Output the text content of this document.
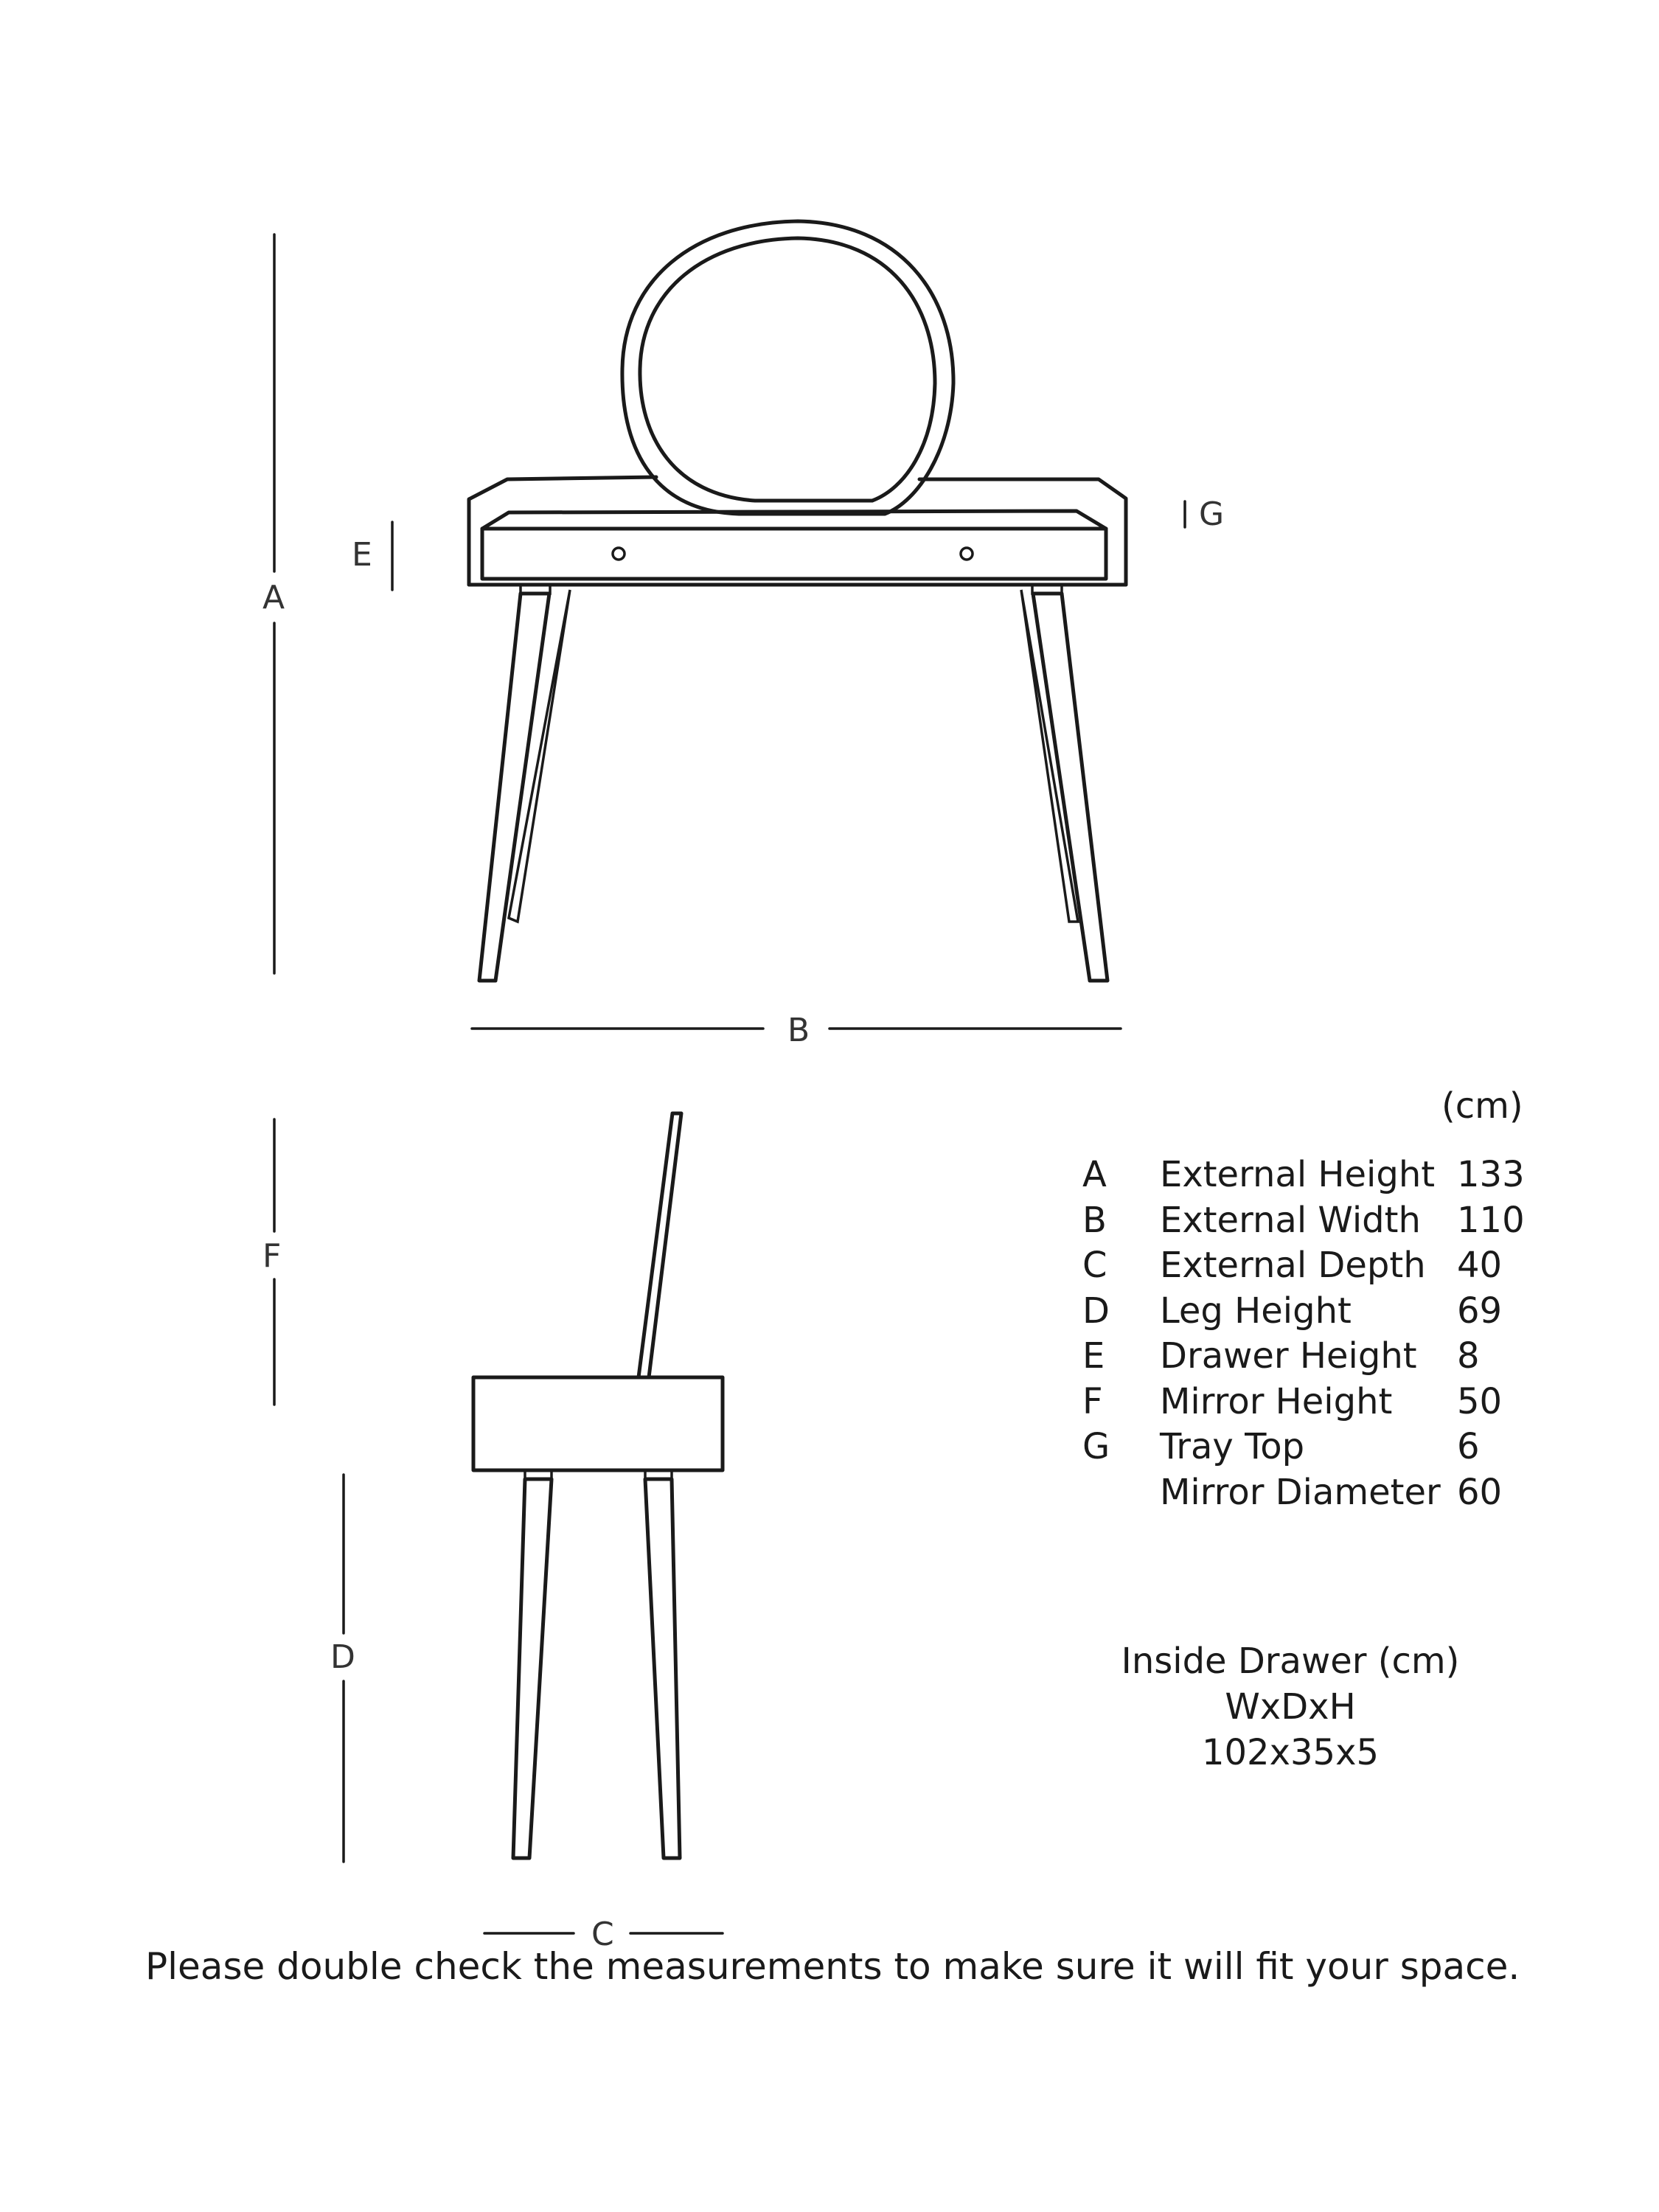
A
E
G
B
F
D
C
(cm)
A	External Height 133
B	External Width 110
C	External Depth 40
D Leg Height	69
E	Drawer Height 8
F	Mirror Height 50
G Tray Top	6
Mirror Diameter 60
Inside Drawer (cm)
WxDxH
102x35x5
Please double check the measurements to make sure it will fit your space.
